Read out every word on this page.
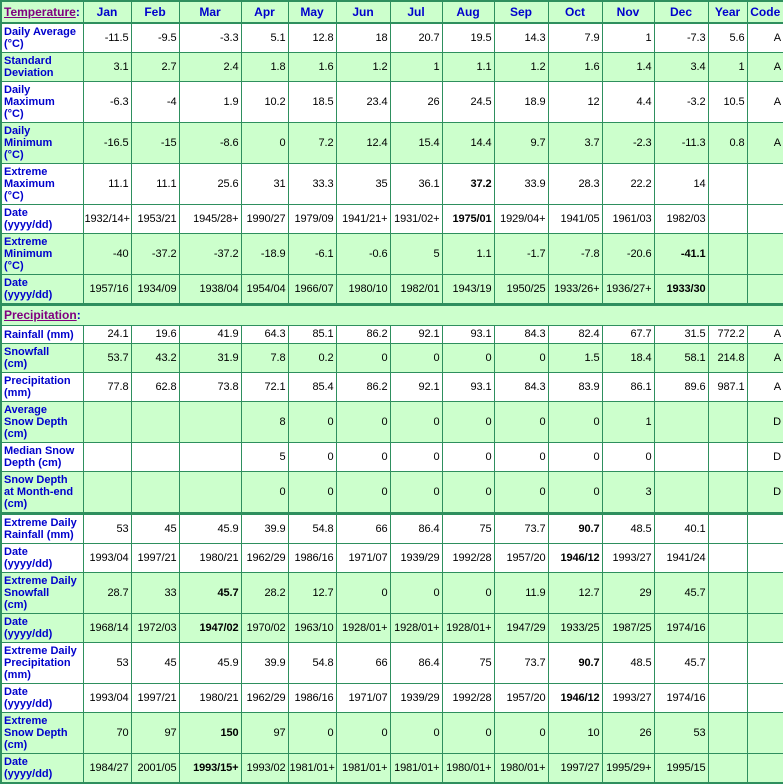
Temperature:	Jan	Feb	Mar	Apr	May	Jun	Jul	Aug	Sep	Oct	Nov	Dec	Year	Code
Daily Average
(°C)	-11.5	-9.5	-3.3	5.1	12.8	18	20.7	19.5	14.3	7.9	1	-7.3	5.6	A
Standard
Deviation	3.1	2.7	2.4	1.8	1.6	1.2	1	1.1	1.2	1.6	1.4	3.4	1	A
Daily
Maximum
(°C)	-6.3	-4	1.9	10.2	18.5	23.4	26	24.5	18.9	12	4.4	-3.2	10.5	A
Daily
Minimum
(°C)	-16.5	-15	-8.6	0	7.2	12.4	15.4	14.4	9.7	3.7	-2.3	-11.3	0.8	A
Extreme
Maximum
(°C)	11.1	11.1	25.6	31	33.3	35	36.1	37.2	33.9	28.3	22.2	14		
Date
(yyyy/dd)	1932/14+	1953/21	1945/28+	1990/27	1979/09	1941/21+	1931/02+	1975/01	1929/04+	1941/05	1961/03	1982/03		
Extreme
Minimum
(°C)	-40	-37.2	-37.2	-18.9	-6.1	-0.6	5	1.1	-1.7	-7.8	-20.6	-41.1		
Date
(yyyy/dd)	1957/16	1934/09	1938/04	1954/04	1966/07	1980/10	1982/01	1943/19	1950/25	1933/26+	1936/27+	1933/30		
Precipitation:														
Rainfall (mm)	24.1	19.6	41.9	64.3	85.1	86.2	92.1	93.1	84.3	82.4	67.7	31.5	772.2	A
Snowfall
(cm)	53.7	43.2	31.9	7.8	0.2	0	0	0	0	1.5	18.4	58.1	214.8	A
Precipitation
(mm)	77.8	62.8	73.8	72.1	85.4	86.2	92.1	93.1	84.3	83.9	86.1	89.6	987.1	A
Average
Snow Depth
(cm)				8	0	0	0	0	0	0	1			D
Median Snow
Depth (cm)				5	0	0	0	0	0	0	0			D
Snow Depth
at Month-end
(cm)				0	0	0	0	0	0	0	3			D
Extreme Daily
Rainfall (mm)	53	45	45.9	39.9	54.8	66	86.4	75	73.7	90.7	48.5	40.1		
Date
(yyyy/dd)	1993/04	1997/21	1980/21	1962/29	1986/16	1971/07	1939/29	1992/28	1957/20	1946/12	1993/27	1941/24		
Extreme Daily
Snowfall
(cm)	28.7	33	45.7	28.2	12.7	0	0	0	11.9	12.7	29	45.7		
Date
(yyyy/dd)	1968/14	1972/03	1947/02	1970/02	1963/10	1928/01+	1928/01+	1928/01+	1947/29	1933/25	1987/25	1974/16		
Extreme Daily
Precipitation
(mm)	53	45	45.9	39.9	54.8	66	86.4	75	73.7	90.7	48.5	45.7		
Date
(yyyy/dd)	1993/04	1997/21	1980/21	1962/29	1986/16	1971/07	1939/29	1992/28	1957/20	1946/12	1993/27	1974/16		
Extreme
Snow Depth
(cm)	70	97	150	97	0	0	0	0	0	10	26	53		
Date
(yyyy/dd)	1984/27	2001/05	1993/15+	1993/02	1981/01+	1981/01+	1981/01+	1980/01+	1980/01+	1997/27	1995/29+	1995/15		
